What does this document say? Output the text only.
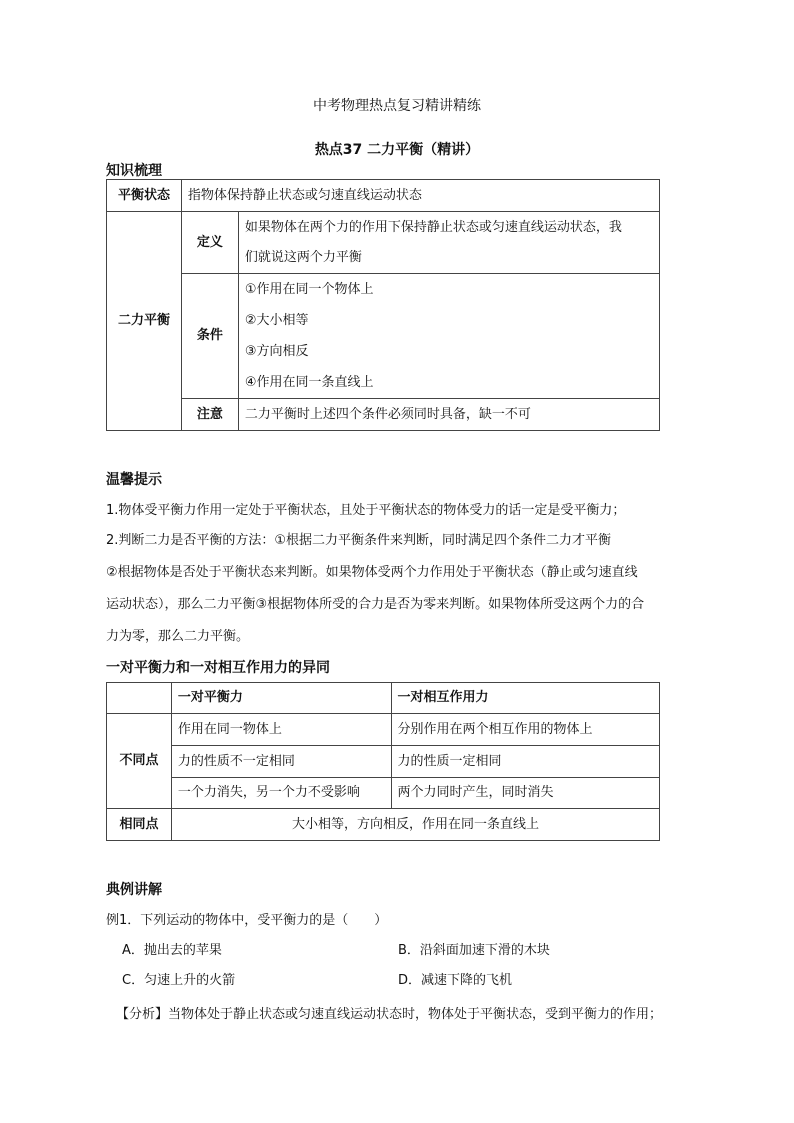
中考物理热点复习精讲精练
热点37 二力平衡（精讲）
知识梳理
平衡状态	指物体保持静止状态或匀速直线运动状态	
二力平衡	定义	如果物体在两个力的作用下保持静止状态或匀速直线运动状态，我
们就说这两个力平衡

	条件	①作用在同一个物体上
②大小相等
③方向相反
④作用在同一条直线上

	注意	二力平衡时上述四个条件必须同时具备，缺一不可
温馨提示
1.物体受平衡力作用一定处于平衡状态，且处于平衡状态的物体受力的话一定是受平衡力；
2.判断二力是否平衡的方法：①根据二力平衡条件来判断，同时满足四个条件二力才平衡
②根据物体是否处于平衡状态来判断。如果物体受两个力作用处于平衡状态（静止或匀速直线
运动状态），那么二力平衡③根据物体所受的合力是否为零来判断。如果物体所受这两个力的合
力为零，那么二力平衡。
一对平衡力和一对相互作用力的异同
	一对平衡力	一对相互作用力
不同点	作用在同一物体上	分别作用在两个相互作用的物体上
	力的性质不一定相同	力的性质一定相同
	一个力消失，另一个力不受影响	两个力同时产生，同时消失
相同点	大小相等，方向相反，作用在同一条直线上	
典例讲解
例1．下列运动的物体中，受平衡力的是（　　）
A．抛出去的苹果	B．沿斜面加速下滑的木块
C．匀速上升的火箭	D．减速下降的飞机
【分析】当物体处于静止状态或匀速直线运动状态时，物体处于平衡状态，受到平衡力的作用；
